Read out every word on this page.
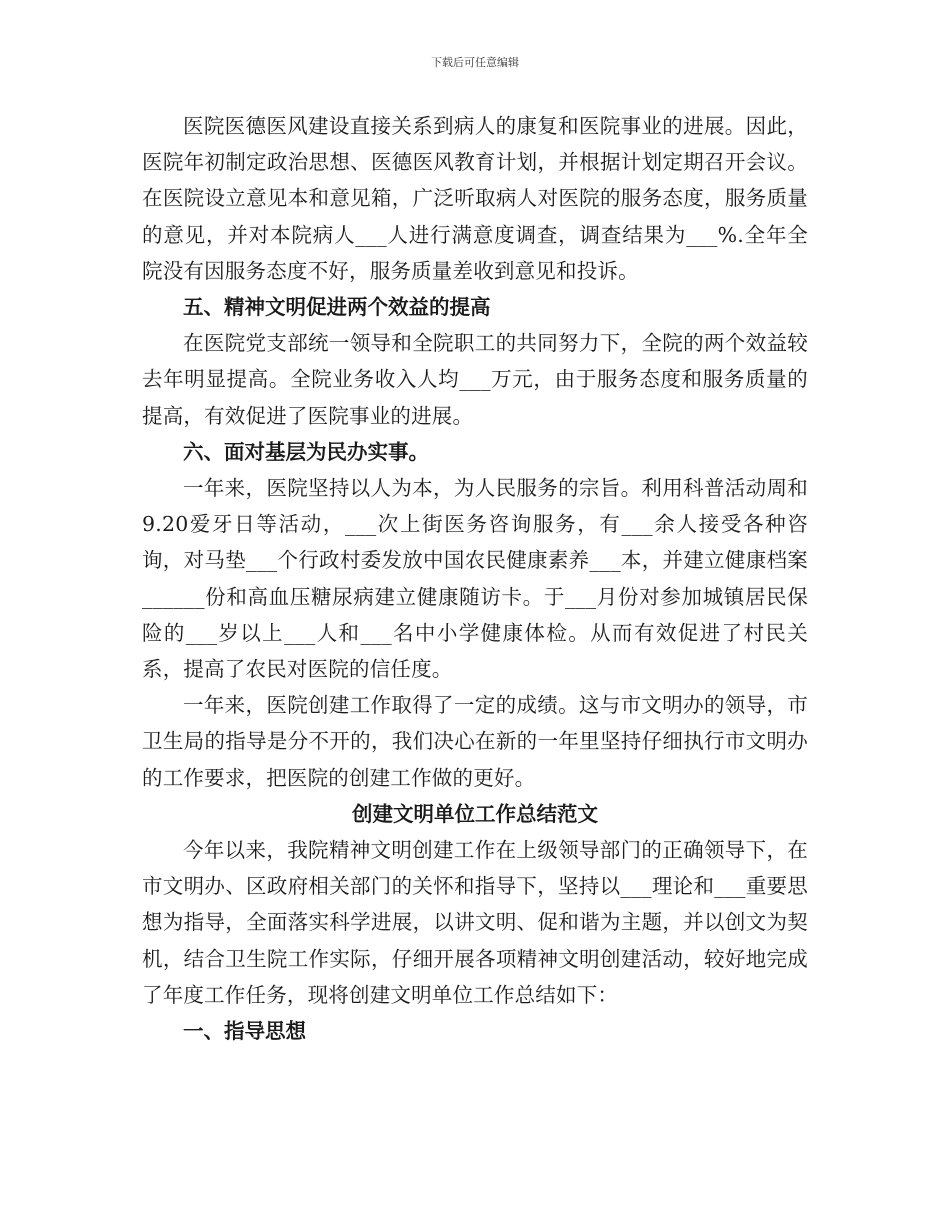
下载后可任意编辑

医院医德医风建设直接关系到病人的康复和医院事业的进展。因此，医院年初制定政治思想、医德医风教育计划，并根据计划定期召开会议。在医院设立意见本和意见箱，广泛听取病人对医院的服务态度，服务质量的意见，并对本院病人___人进行满意度调查，调查结果为___%.全年全院没有因服务态度不好，服务质量差收到意见和投诉。

五、精神文明促进两个效益的提高

在医院党支部统一领导和全院职工的共同努力下，全院的两个效益较去年明显提高。全院业务收入人均___万元，由于服务态度和服务质量的提高，有效促进了医院事业的进展。

六、面对基层为民办实事。

一年来，医院坚持以人为本，为人民服务的宗旨。利用科普活动周和9.20爱牙日等活动，___次上街医务咨询服务，有___余人接受各种咨询，对马垫___个行政村委发放中国农民健康素养___本，并建立健康档案______份和高血压糖尿病建立健康随访卡。于___月份对参加城镇居民保险的___岁以上___人和___名中小学健康体检。从而有效促进了村民关系，提高了农民对医院的信任度。

一年来，医院创建工作取得了一定的成绩。这与市文明办的领导，市卫生局的指导是分不开的，我们决心在新的一年里坚持仔细执行市文明办的工作要求，把医院的创建工作做的更好。

创建文明单位工作总结范文

今年以来，我院精神文明创建工作在上级领导部门的正确领导下，在市文明办、区政府相关部门的关怀和指导下，坚持以___理论和___重要思想为指导，全面落实科学进展，以讲文明、促和谐为主题，并以创文为契机，结合卫生院工作实际，仔细开展各项精神文明创建活动，较好地完成了年度工作任务，现将创建文明单位工作总结如下：

一、指导思想
